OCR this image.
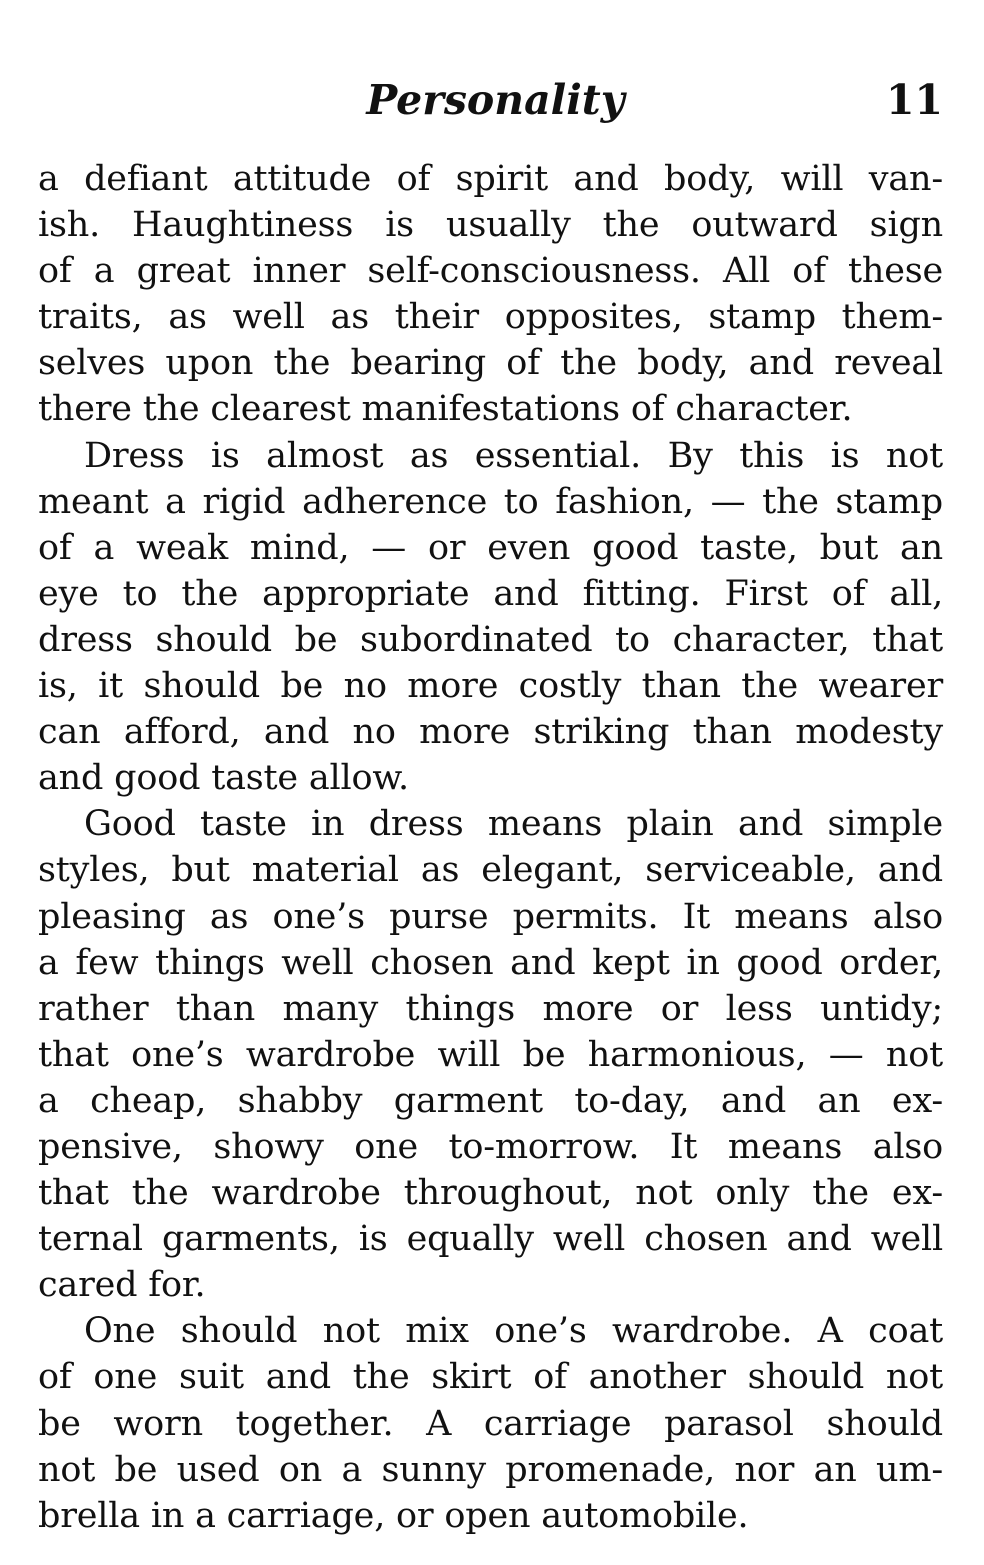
Personality	11
a defiant attitude of spirit and body, will van-
ish. Haughtiness is usually the outward sign
of a great inner self-consciousness. All of these
traits, as well as their opposites, stamp them-
selves upon the bearing of the body, and reveal
there the clearest manifestations of character.
Dress is almost as essential. By this is not
meant a rigid adherence to fashion, — the stamp
of a weak mind, — or even good taste, but an
eye to the appropriate and fitting. First of all,
dress should be subordinated to character, that
is, it should be no more costly than the wearer
can afford, and no more striking than modesty
and good taste allow.
Good taste in dress means plain and simple
styles, but material as elegant, serviceable, and
pleasing as one’s purse permits. It means also
a few things well chosen and kept in good order,
rather than many things more or less untidy;
that one’s wardrobe will be harmonious, — not
a cheap, shabby garment to-day, and an ex-
pensive, showy one to-morrow. It means also
that the wardrobe throughout, not only the ex-
ternal garments, is equally well chosen and well
cared for.
One should not mix one’s wardrobe. A coat
of one suit and the skirt of another should not
be worn together. A carriage parasol should
not be used on a sunny promenade, nor an um-
brella in a carriage, or open automobile.
